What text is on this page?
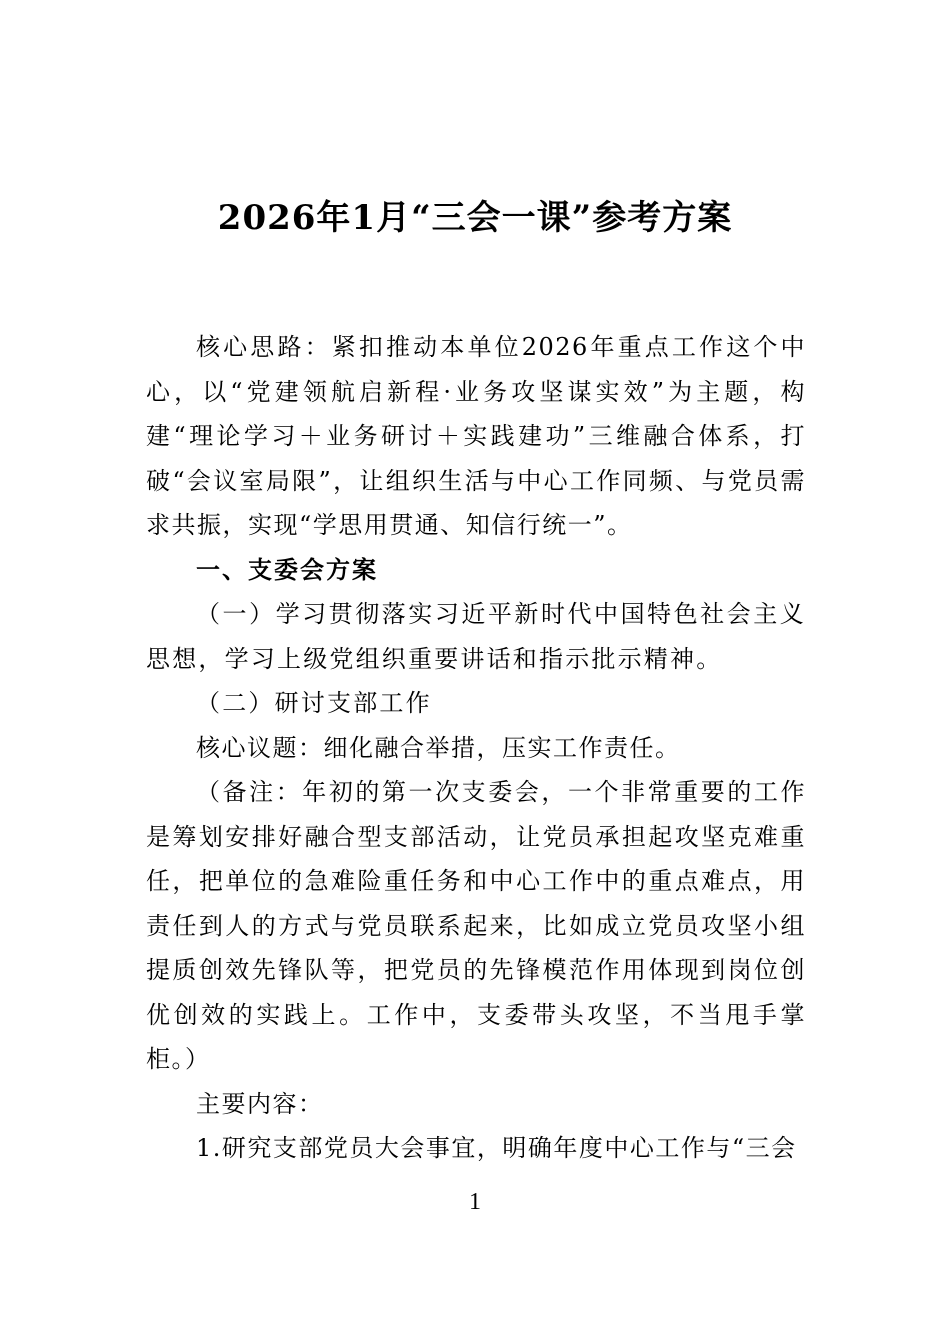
2026年1月“三会一课”参考方案

核心思路：紧扣推动本单位2026年重点工作这个中心，以“党建领航启新程·业务攻坚谋实效”为主题，构建“理论学习＋业务研讨＋实践建功”三维融合体系，打破“会议室局限”，让组织生活与中心工作同频、与党员需求共振，实现“学思用贯通、知信行统一”。

一、支委会方案

（一）学习贯彻落实习近平新时代中国特色社会主义思想，学习上级党组织重要讲话和指示批示精神。

（二）研讨支部工作

核心议题：细化融合举措，压实工作责任。

（备注：年初的第一次支委会，一个非常重要的工作是筹划安排好融合型支部活动，让党员承担起攻坚克难重任，把单位的急难险重任务和中心工作中的重点难点，用责任到人的方式与党员联系起来，比如成立党员攻坚小组提质创效先锋队等，把党员的先锋模范作用体现到岗位创优创效的实践上。工作中，支委带头攻坚，不当甩手掌柜。）

主要内容：

1.研究支部党员大会事宜，明确年度中心工作与“三会

1
